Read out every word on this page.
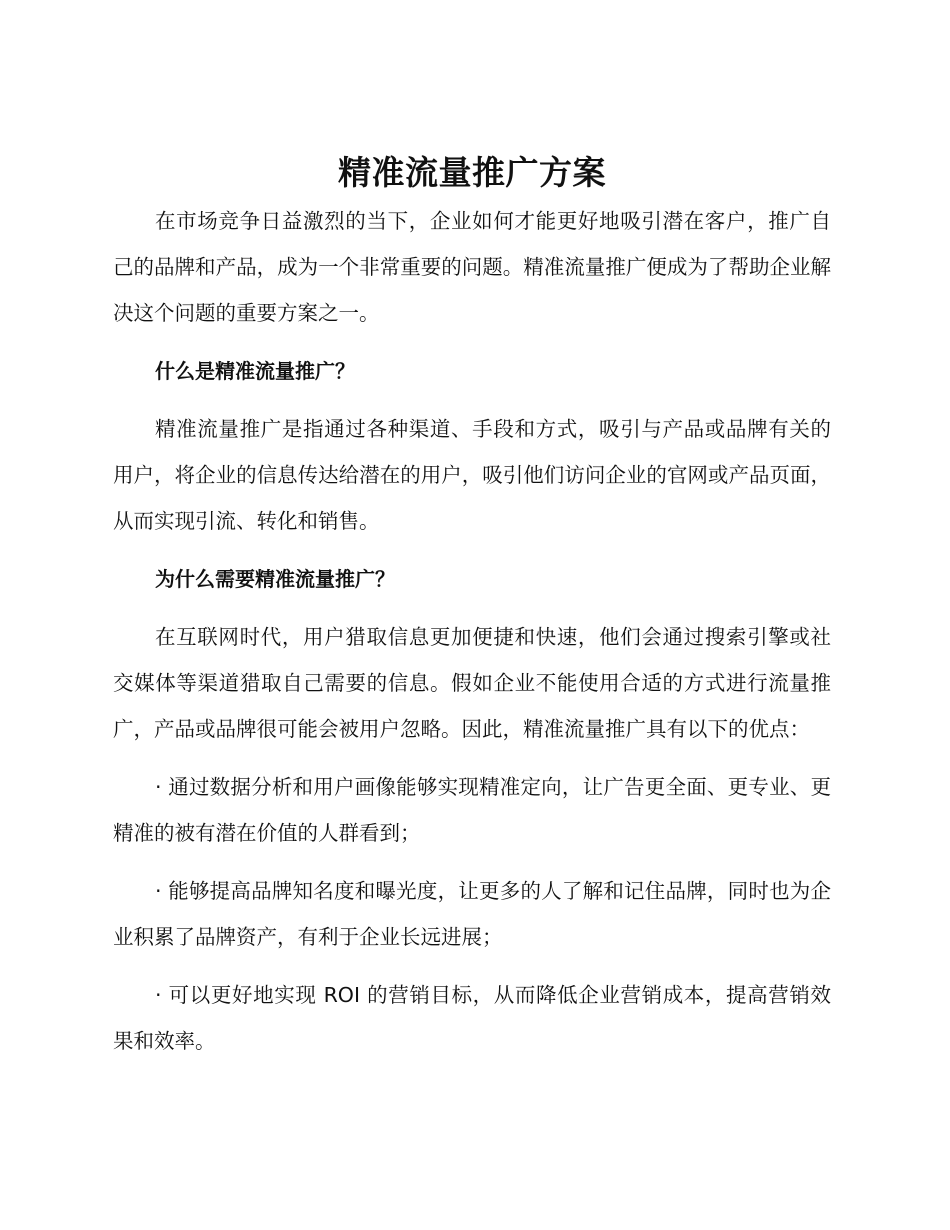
精准流量推广方案

在市场竞争日益激烈的当下，企业如何才能更好地吸引潜在客户，推广自己的品牌和产品，成为一个非常重要的问题。精准流量推广便成为了帮助企业解决这个问题的重要方案之一。

什么是精准流量推广？

精准流量推广是指通过各种渠道、手段和方式，吸引与产品或品牌有关的用户，将企业的信息传达给潜在的用户，吸引他们访问企业的官网或产品页面，从而实现引流、转化和销售。

为什么需要精准流量推广？

在互联网时代，用户猎取信息更加便捷和快速，他们会通过搜索引擎或社交媒体等渠道猎取自己需要的信息。假如企业不能使用合适的方式进行流量推广，产品或品牌很可能会被用户忽略。因此，精准流量推广具有以下的优点：

· 通过数据分析和用户画像能够实现精准定向，让广告更全面、更专业、更精准的被有潜在价值的人群看到；

· 能够提高品牌知名度和曝光度，让更多的人了解和记住品牌，同时也为企业积累了品牌资产，有利于企业长远进展；

· 可以更好地实现 ROI 的营销目标，从而降低企业营销成本，提高营销效果和效率。
